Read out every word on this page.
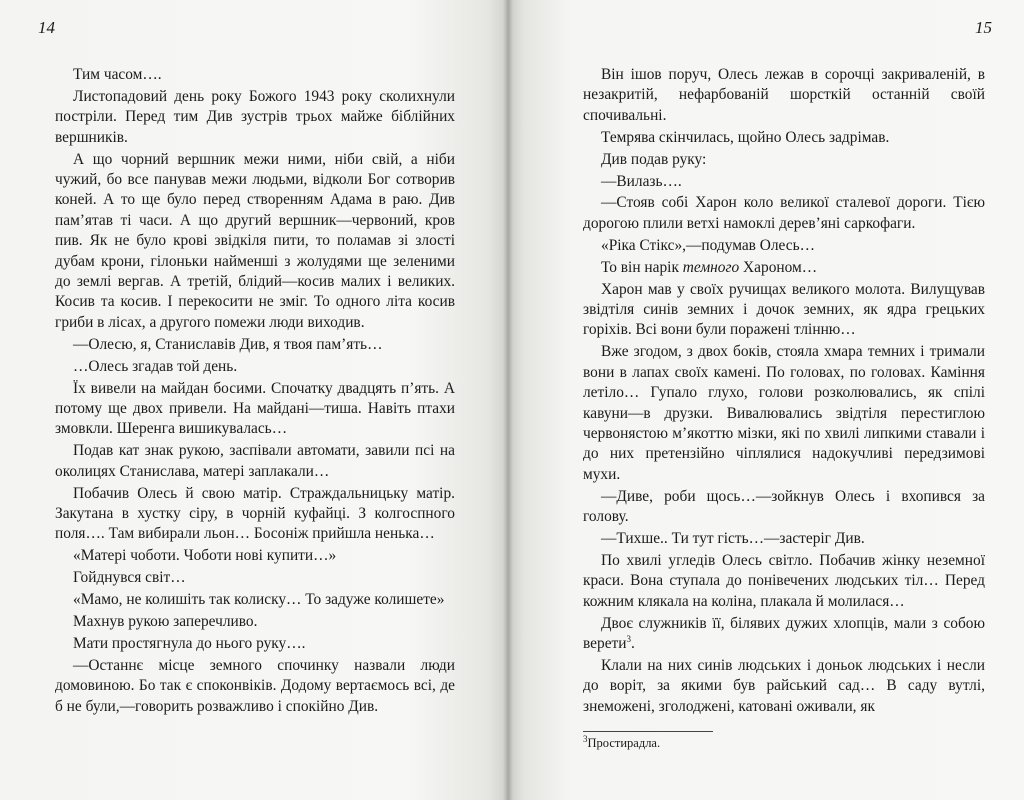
14

Тим часом….

Листопадовий день року Божого 1943 року сколихнули постріли. Перед тим Див зустрів трьох майже біблійних вершників.

А що чорний вершник межи ними, ніби свій, а ніби чужий, бо все панував межи людьми, відколи Бог сотворив коней. А то ще було перед створенням Адама в раю. Див пам’ятав ті часи. А що другий вершник—червоний, кров пив. Як не було крові звідкіля пити, то поламав зі злості дубам крони, гілоньки найменші з жолудями ще зеленими до землі вергав. А третій, блідий—косив малих і великих. Косив та косив. І перекосити не зміг. То одного літа косив гриби в лісах, а другого помежи люди виходив.

—Олесю, я, Станиславів Див, я твоя пам’ять…

…Олесь згадав той день.

Їх вивели на майдан босими. Спочатку двадцять п’ять. А потому ще двох привели. На майдані—тиша. Навіть птахи змовкли. Шеренга вишикувалась…

Подав кат знак рукою, заспівали автомати, завили псі на околицях Станислава, матері заплакали…

Побачив Олесь й свою матір. Страждальницьку матір. Закутана в хустку сіру, в чорній куфайці. З колгоспного поля…. Там вибирали льон… Босоніж прийшла ненька…

«Матері чоботи. Чоботи нові купити…»

Гойднувся світ…

«Мамо, не колишіть так колиску… То задуже колишете»

Махнув рукою заперечливо.

Мати простягнула до нього руку….

—Останнє місце земного спочинку назвали люди домовиною. Бо так є споконвіків. Додому вертаємось всі, де б не були,—говорить розважливо і спокійно Див.

15

Він ішов поруч, Олесь лежав в сорочці закриваленій, в незакритій, нефарбованій шорсткій останній своїй спочивальні.

Темрява скінчилась, щойно Олесь задрімав.

Див подав руку:

—Вилазь….

—Стояв собі Харон коло великої сталевої дороги. Тією дорогою плили ветхі намоклі дерев’яні саркофаги.

«Ріка Стікс»,—подумав Олесь…

То він нарік темного Хароном…

Харон мав у своїх ручищах великого молота. Вилущував звідтіля синів земних і дочок земних, як ядра грецьких горіхів. Всі вони були поражені тлінню…

Вже згодом, з двох боків, стояла хмара темних і тримали вони в лапах своїх камені. По головах, по головах. Каміння летіло… Гупало глухо, голови розколювались, як спілі кавуни—в друзки. Вивалювались звідтіля перестиглою червонястою м’якоттю мізки, які по хвилі липкими ставали і до них претензійно чіплялися надокучливі передзимові мухи.

—Диве, роби щось…—зойкнув Олесь і вхопився за голову.

—Тихше.. Ти тут гість…—застеріг Див.

По хвилі угледів Олесь світло. Побачив жінку неземної краси. Вона ступала до понівечених людських тіл… Перед кожним клякала на коліна, плакала й молилася…

Двоє служників її, білявих дужих хлопців, мали з собою верети$^3$.

Клали на них синів людських і доньок людських і несли до воріт, за якими був райський сад… В саду вутлі, знеможені, зголоджені, катовані оживали, як

$^3$Простирадла.
